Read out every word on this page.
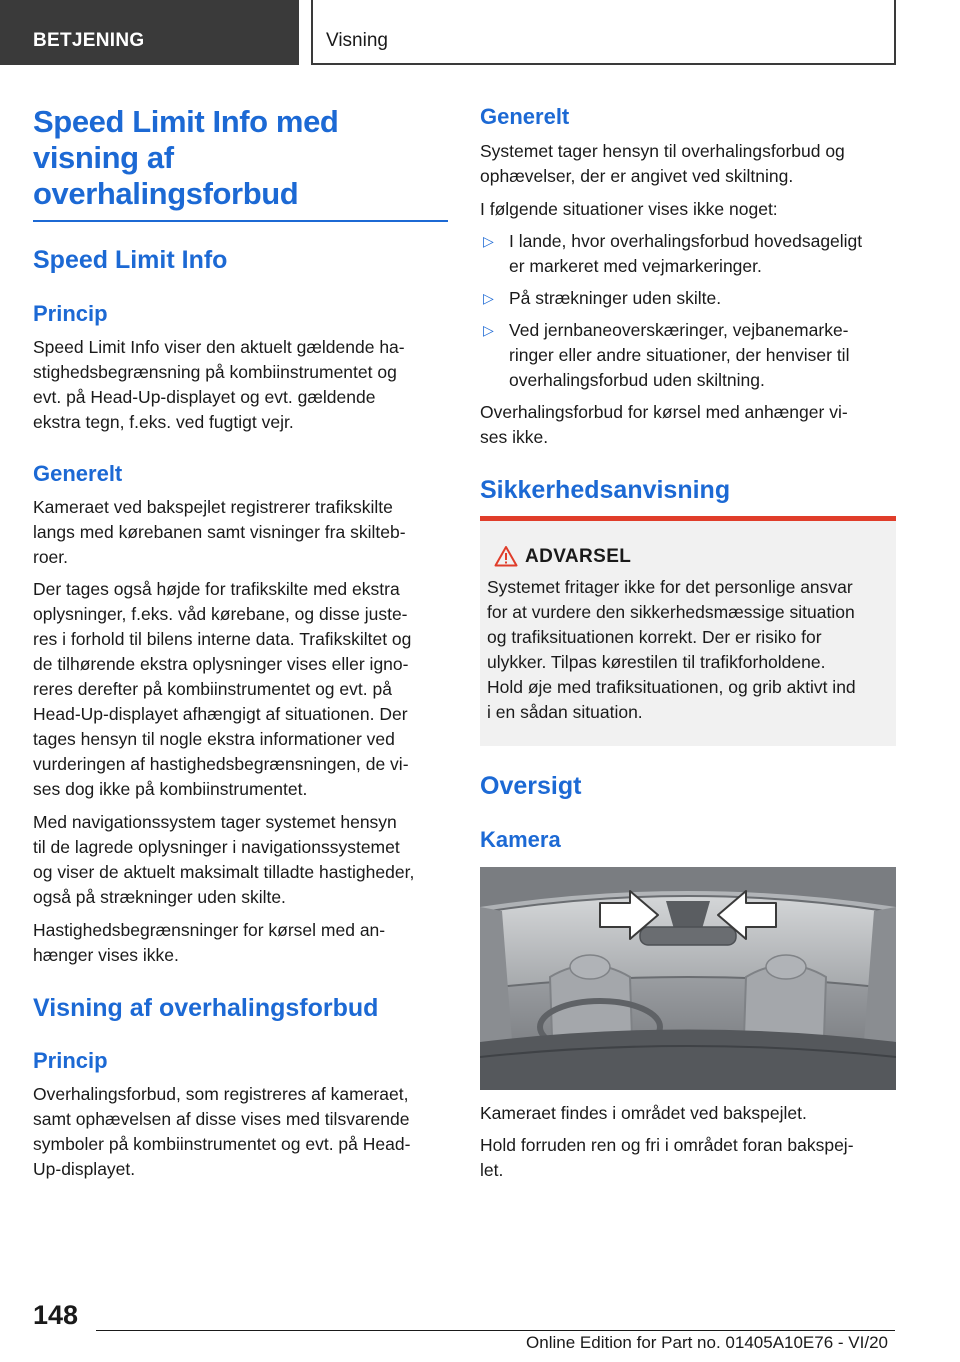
BETJENING	Visning
Speed Limit Info med
visning af
overhalingsforbud
Speed Limit Info
Princip

Speed Limit Info viser den aktuelt gældende ha‐

stighedsbegrænsning på kombiinstrumentet og

evt. på Head-Up-displayet og evt. gældende

ekstra tegn, f.eks. ved fugtigt vejr.

Generelt

Kameraet ved bakspejlet registrerer trafikskilte

langs med kørebanen samt visninger fra skilteb‐

roer.

Der tages også højde for trafikskilte med ekstra

oplysninger, f.eks. våd kørebane, og disse juste‐

res i forhold til bilens interne data. Trafikskiltet og

de tilhørende ekstra oplysninger vises eller igno‐

reres derefter på kombiinstrumentet og evt. på

Head-Up-displayet afhængigt af situationen. Der

tages hensyn til nogle ekstra informationer ved

vurderingen af hastighedsbegrænsningen, de vi‐

ses dog ikke på kombiinstrumentet.

Med navigationssystem tager systemet hensyn

til de lagrede oplysninger i navigationssystemet

og viser de aktuelt maksimalt tilladte hastigheder,

også på strækninger uden skilte.

Hastighedsbegrænsninger for kørsel med an‐

hænger vises ikke.

Visning af overhalingsforbud
Princip

Overhalingsforbud, som registreres af kameraet,

samt ophævelsen af disse vises med tilsvarende

symboler på kombiinstrumentet og evt. på Head-

Up-displayet.

Generelt

Systemet tager hensyn til overhalingsforbud og

ophævelser, der er angivet ved skiltning.

I følgende situationer vises ikke noget:

▷ I lande, hvor overhalingsforbud hovedsageligt
er markeret med vejmarkeringer.
▷ På strækninger uden skilte.
▷ Ved jernbaneoverskæringer, vejbanemarke‐
ringer eller andre situationer, der henviser til
overhalingsforbud uden skiltning.

Overhalingsforbud for kørsel med anhænger vi‐

ses ikke.

Sikkerhedsanvisning
ADVARSEL

Systemet fritager ikke for det personlige ansvar

for at vurdere den sikkerhedsmæssige situation

og trafiksituationen korrekt. Der er risiko for

ulykker. Tilpas kørestilen til trafikforholdene.

Hold øje med trafiksituationen, og grib aktivt ind

i en sådan situation.

Oversigt
Kamera

Kameraet findes i området ved bakspejlet.

Hold forruden ren og fri i området foran bakspej‐

let.

148
Online Edition for Part no. 01405A10E76 - VI/20
